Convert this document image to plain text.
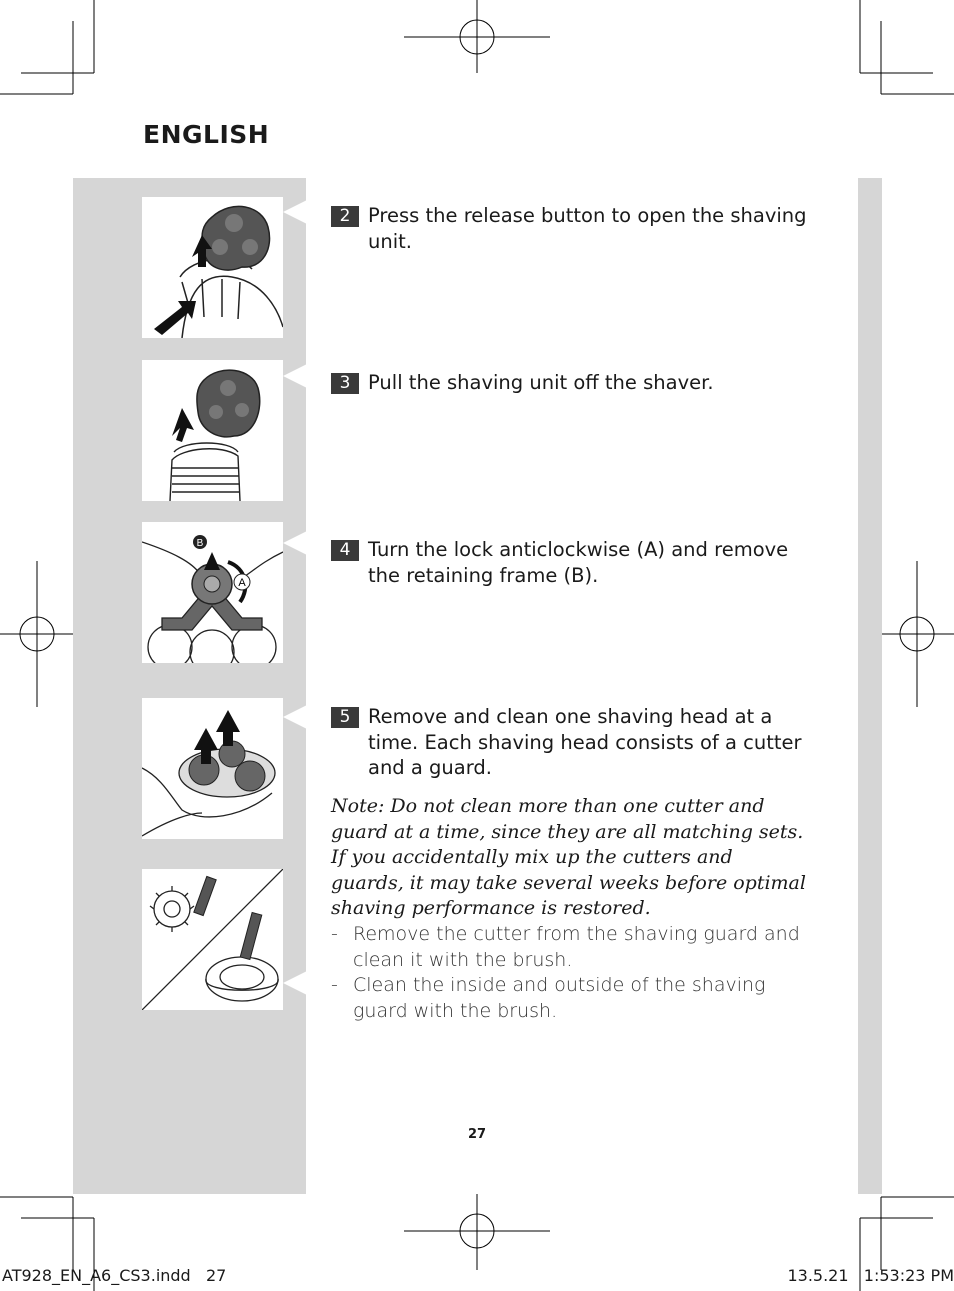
ENGLISH
A
B
2 Press the release button to open the shaving unit.
3 Pull the shaving unit off the shaver.
4 Turn the lock anticlockwise (A) and remove the retaining frame (B).
5 Remove and clean one shaving head at a time. Each shaving head consists of a cutter and a guard.
Note: Do not clean more than one cutter and guard at a time, since they are all matching sets. If you accidentally mix up the cutters and guards, it may take several weeks before optimal shaving performance is restored.
- Remove the cutter from the shaving guard and clean it with the brush.
- Clean the inside and outside of the shaving guard with the brush.
27
AT928_EN_A6_CS3.indd   27	13.5.21   1:53:23 PM
